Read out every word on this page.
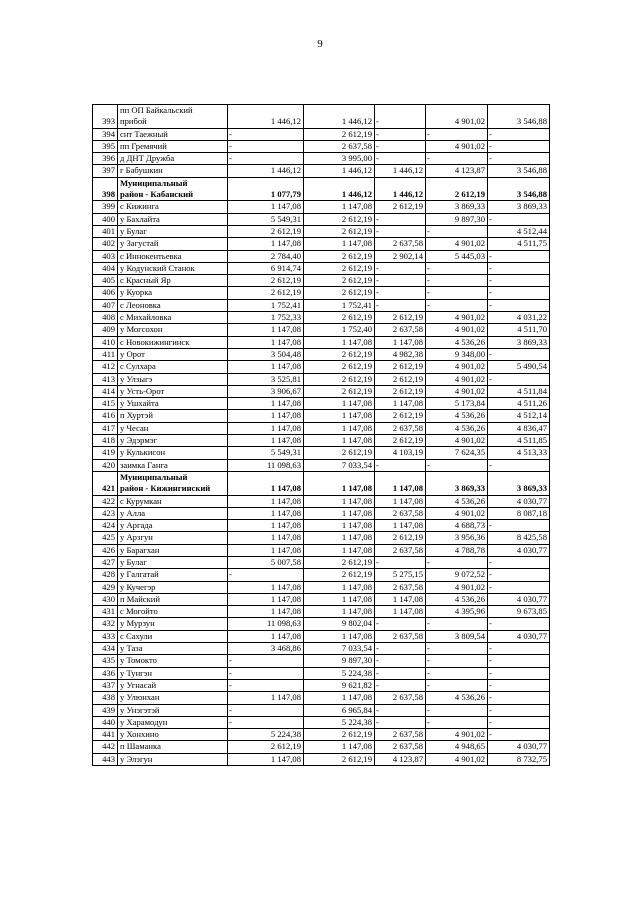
9
393	пп ОП Байкальский
прибой	1 446,12	1 446,12	-	4 901,02	3 546,88
394	снт Таежный	-	2 612,19	-	-	-
395	пп Гремячий	-	2 637,58	-	4 901,02	-
396	д ДНТ Дружба	-	3 995,00	-	-	-
397	г Бабушкин	1 446,12	1 446,12	1 446,12	4 123,87	3 546,88
398	Муниципальный
район - Кабанский	1 077,79	1 446,12	1 446,12	2 612,19	3 546,88
399	с Кижинга	1 147,08	1 147,08	2 612,19	3 869,33	3 869,33
400	у Бахлайта	5 549,31	2 612,19	-	9 897,30	-
401	у Булаг	2 612,19	2 612,19	-	-	4 512,44
402	у Загустай	1 147,08	1 147,08	2 637,58	4 901,02	4 511,75
403	с Иннокентьевка	2 784,40	2 612,19	2 902,14	5 445,03	-
404	у Кодунский Станок	6 914,74	2 612,19	-	-	-
405	с Красный Яр	2 612,19	2 612,19	-	-	-
406	у Куорка	2 612,19	2 612,19	-	-	-
407	с Леоновка	1 752,41	1 752,41	-	-	-
408	с Михайловка	1 752,33	2 612,19	2 612,19	4 901,02	4 031,22
409	у Могсохон	1 147,08	1 752,40	2 637,58	4 901,02	4 511,70
410	с Новокижингинск	1 147,08	1 147,08	1 147,08	4 536,26	3 869,33
411	у Орот	3 504,48	2 612,19	4 982,38	9 348,00	-
412	с Сулхара	1 147,08	2 612,19	2 612,19	4 901,02	5 490,54
413	у Улзыгэ	3 525,81	2 612,19	2 612,19	4 901,02	-
414	у Усть-Орот	3 906,67	2 612,19	2 612,19	4 901,02	4 511,84
415	у Ушхайта	1 147,08	1 147,08	1 147,08	5 173,84	4 511,26
416	п Хуртэй	1 147,08	1 147,08	2 612,19	4 536,26	4 512,14
417	у Чесан	1 147,08	1 147,08	2 637,58	4 536,26	4 836,47
418	у Эдэрмэг	1 147,08	1 147,08	2 612,19	4 901,02	4 511,85
419	у Кулькисон	5 549,31	2 612,19	4 103,19	7 624,35	4 513,33
420	заимка Ганга	11 098,63	7 033,54	-	-	-
421	Муниципальный
район - Кижингинский	1 147,08	1 147,08	1 147,08	3 869,33	3 869,33
422	с Курумкан	1 147,08	1 147,08	1 147,08	4 536,26	4 030,77
423	у Алла	1 147,08	1 147,08	2 637,58	4 901,02	8 087,18
424	у Аргада	1 147,08	1 147,08	1 147,08	4 688,73	-
425	у Арзгун	1 147,08	1 147,08	2 612,19	3 956,36	8 425,58
426	у Барагхан	1 147,08	1 147,08	2 637,58	4 788,78	4 030,77
427	у Булаг	5 007,58	2 612,19	-	-	-
428	у Галгатай	-	2 612,19	5 275,15	9 072,52	-
429	у Кучегэр	1 147,08	1 147,08	2 637,58	4 901,02	-
430	п Майский	1 147,08	1 147,08	1 147,08	4 536,26	4 030,77
431	с Могойто	1 147,08	1 147,08	1 147,08	4 395,96	9 673,85
432	у Мурзун	11 098,63	9 802,04	-	-	-
433	с Сахули	1 147,08	1 147,08	2 637,58	3 809,54	4 030,77
434	у Таза	3 468,86	7 033,54	-	-	-
435	у Томокто	-	9 897,30	-	-	-
436	у Тунгэн	-	5 224,38	-	-	-
437	у Угнасай	-	9 621,82	-	-	-
438	у Улюнхан	1 147,08	1 147,08	2 637,58	4 536,26	-
439	у Унэгэтэй	-	6 965,84	-	-	-
440	у Харамодун	-	5 224,38	-	-	-
441	у Хонхино	5 224,38	2 612,19	2 637,58	4 901,02	-
442	п Шаманка	2 612,19	1 147,08	2 637,58	4 948,65	4 030,77
443	у Элэгун	1 147,08	2 612,19	4 123,87	4 901,02	8 732,75
